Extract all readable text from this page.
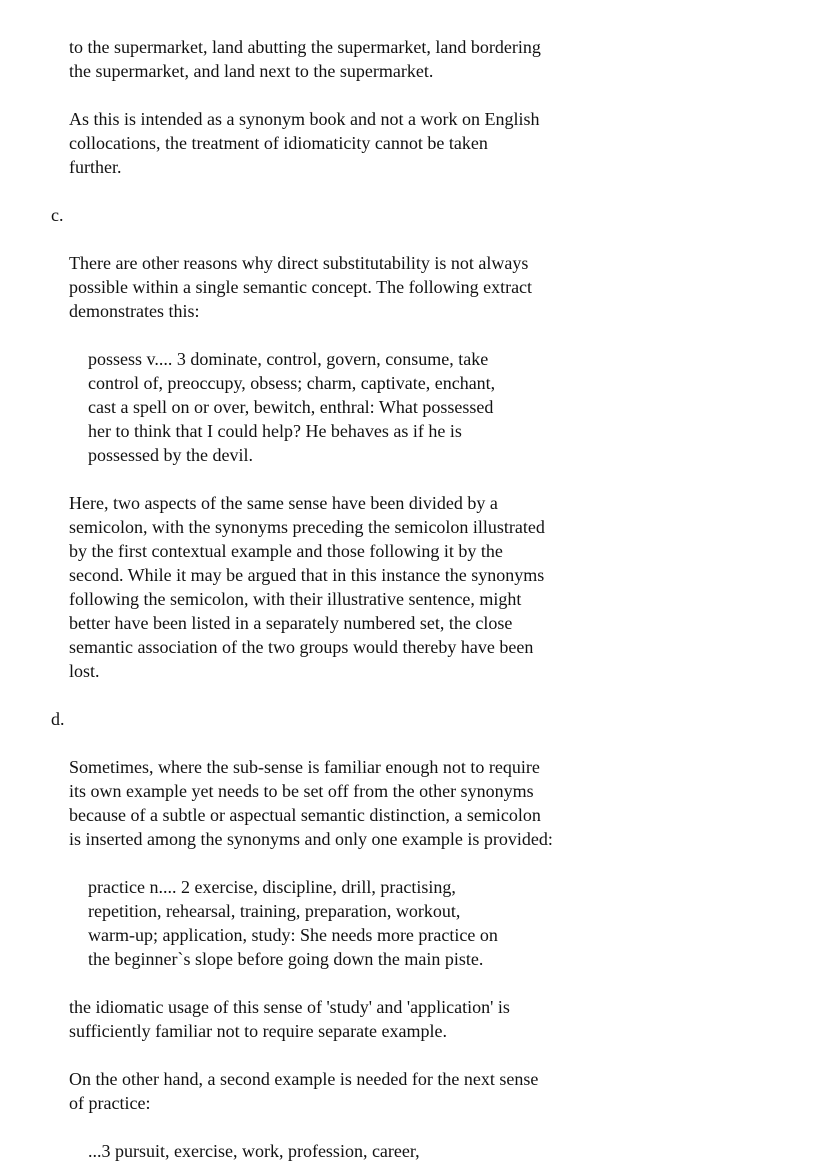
to the supermarket, land abutting the supermarket, land bordering
the supermarket, and land next to the supermarket.

As this is intended as a synonym book and not a work on English
collocations, the treatment of idiomaticity cannot be taken
further.

c.

There are other reasons why direct substitutability is not always
possible within a single semantic concept. The following extract
demonstrates this:

possess v.... 3 dominate, control, govern, consume, take
control of, preoccupy, obsess; charm, captivate, enchant,
cast a spell on or over, bewitch, enthral: What possessed
her to think that I could help? He behaves as if he is
possessed by the devil.

Here, two aspects of the same sense have been divided by a
semicolon, with the synonyms preceding the semicolon illustrated
by the first contextual example and those following it by the
second. While it may be argued that in this instance the synonyms
following the semicolon, with their illustrative sentence, might
better have been listed in a separately numbered set, the close
semantic association of the two groups would thereby have been
lost.

d.

Sometimes, where the sub-sense is familiar enough not to require
its own example yet needs to be set off from the other synonyms
because of a subtle or aspectual semantic distinction, a semicolon
is inserted among the synonyms and only one example is provided:

practice n.... 2 exercise, discipline, drill, practising,
repetition, rehearsal, training, preparation, workout,
warm-up; application, study: She needs more practice on
the beginner`s slope before going down the main piste.

the idiomatic usage of this sense of 'study' and 'application' is
sufficiently familiar not to require separate example.

On the other hand, a second example is needed for the next sense
of practice:

...3 pursuit, exercise, work, profession, career,
